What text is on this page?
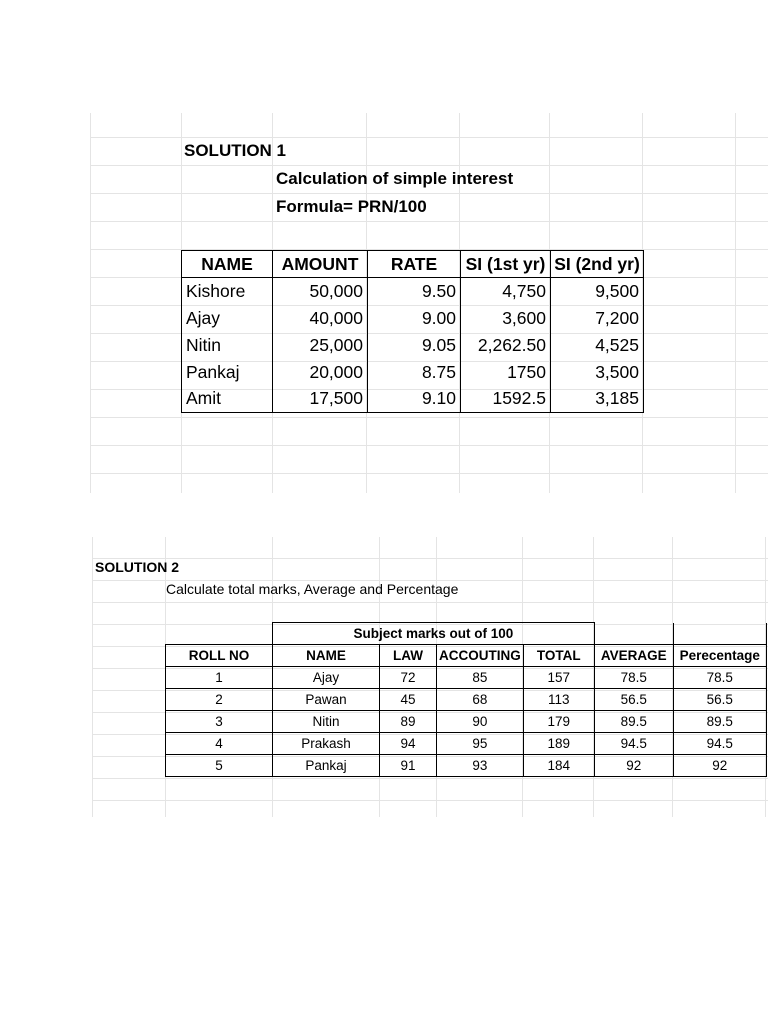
SOLUTION 1
Calculation of simple interest
Formula= PRN/100
NAME	AMOUNT	RATE	SI (1st yr)	SI (2nd yr)
Kishore	50,000	9.50	4,750	9,500
Ajay	40,000	9.00	3,600	7,200
Nitin	25,000	9.05	2,262.50	4,525
Pankaj	20,000	8.75	1750	3,500
Amit	17,500	9.10	1592.5	3,185
SOLUTION 2
Calculate total marks, Average and Percentage
	Subject marks out of 100					
ROLL NO	NAME	LAW	ACCOUTING	TOTAL	AVERAGE	Perecentage
1	Ajay	72	85	157	78.5	78.5
2	Pawan	45	68	113	56.5	56.5
3	Nitin	89	90	179	89.5	89.5
4	Prakash	94	95	189	94.5	94.5
5	Pankaj	91	93	184	92	92
